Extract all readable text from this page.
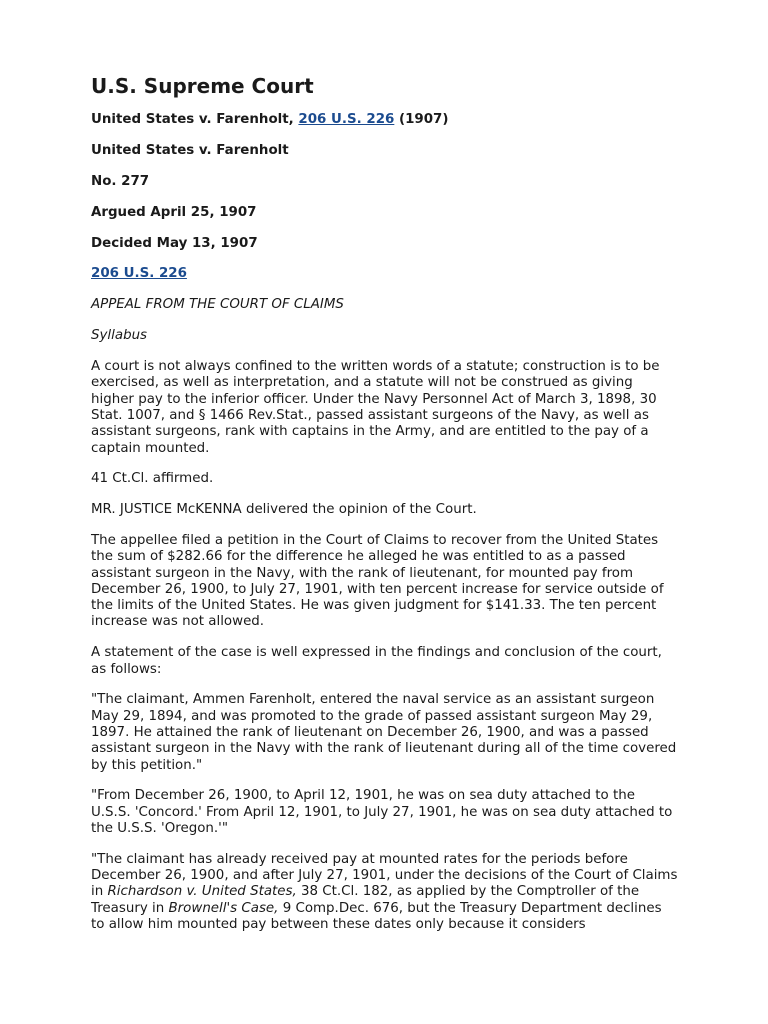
U.S. Supreme Court

United States v. Farenholt, 206 U.S. 226 (1907)

United States v. Farenholt

No. 277

Argued April 25, 1907

Decided May 13, 1907

206 U.S. 226

APPEAL FROM THE COURT OF CLAIMS

Syllabus

A court is not always confined to the written words of a statute; construction is to be exercised, as well as interpretation, and a statute will not be construed as giving higher pay to the inferior officer. Under the Navy Personnel Act of March 3, 1898, 30 Stat. 1007, and § 1466 Rev.Stat., passed assistant surgeons of the Navy, as well as assistant surgeons, rank with captains in the Army, and are entitled to the pay of a captain mounted.

41 Ct.Cl. affirmed.

MR. JUSTICE McKENNA delivered the opinion of the Court.

The appellee filed a petition in the Court of Claims to recover from the United States the sum of $282.66 for the difference he alleged he was entitled to as a passed assistant surgeon in the Navy, with the rank of lieutenant, for mounted pay from December 26, 1900, to July 27, 1901, with ten percent increase for service outside of the limits of the United States. He was given judgment for $141.33. The ten percent increase was not allowed.

A statement of the case is well expressed in the findings and conclusion of the court, as follows:

"The claimant, Ammen Farenholt, entered the naval service as an assistant surgeon May 29, 1894, and was promoted to the grade of passed assistant surgeon May 29, 1897. He attained the rank of lieutenant on December 26, 1900, and was a passed assistant surgeon in the Navy with the rank of lieutenant during all of the time covered by this petition."

"From December 26, 1900, to April 12, 1901, he was on sea duty attached to the U.S.S. 'Concord.' From April 12, 1901, to July 27, 1901, he was on sea duty attached to the U.S.S. 'Oregon.'"

"The claimant has already received pay at mounted rates for the periods before December 26, 1900, and after July 27, 1901, under the decisions of the Court of Claims in Richardson v. United States, 38 Ct.Cl. 182, as applied by the Comptroller of the Treasury in Brownell's Case, 9 Comp.Dec. 676, but the Treasury Department declines to allow him mounted pay between these dates only because it considers
